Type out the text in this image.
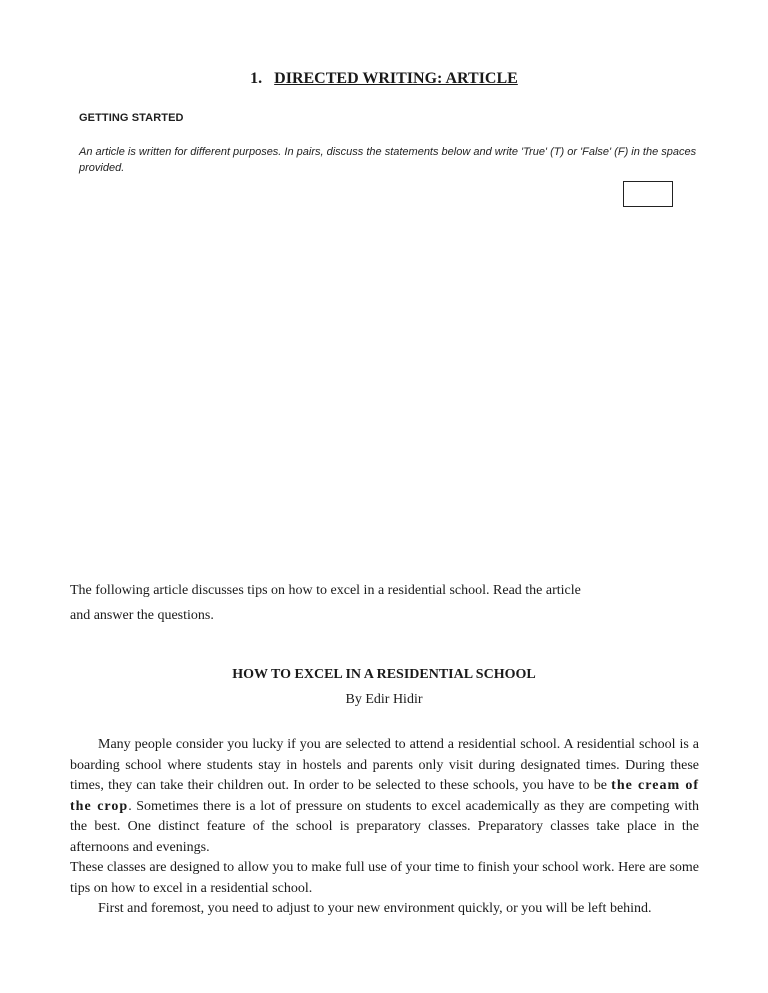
1. DIRECTED WRITING: ARTICLE
GETTING STARTED
An article is written for different purposes. In pairs, discuss the statements below and write 'True' (T) or 'False' (F) in the spaces provided.
The following article discusses tips on how to excel in a residential school. Read the article
and answer the questions.
HOW TO EXCEL IN A RESIDENTIAL SCHOOL
By Edir Hidir

Many people consider you lucky if you are selected to attend a residential school. A residential school is a boarding school where students stay in hostels and parents only visit during designated times. During these times, they can take their children out. In order to be selected to these schools, you have to be the cream of the crop. Sometimes there is a lot of pressure on students to excel academically as they are competing with the best. One distinct feature of the school is preparatory classes. Preparatory classes take place in the afternoons and evenings.

These classes are designed to allow you to make full use of your time to finish your school work. Here are some tips on how to excel in a residential school.

First and foremost, you need to adjust to your new environment quickly, or you will be left behind.
